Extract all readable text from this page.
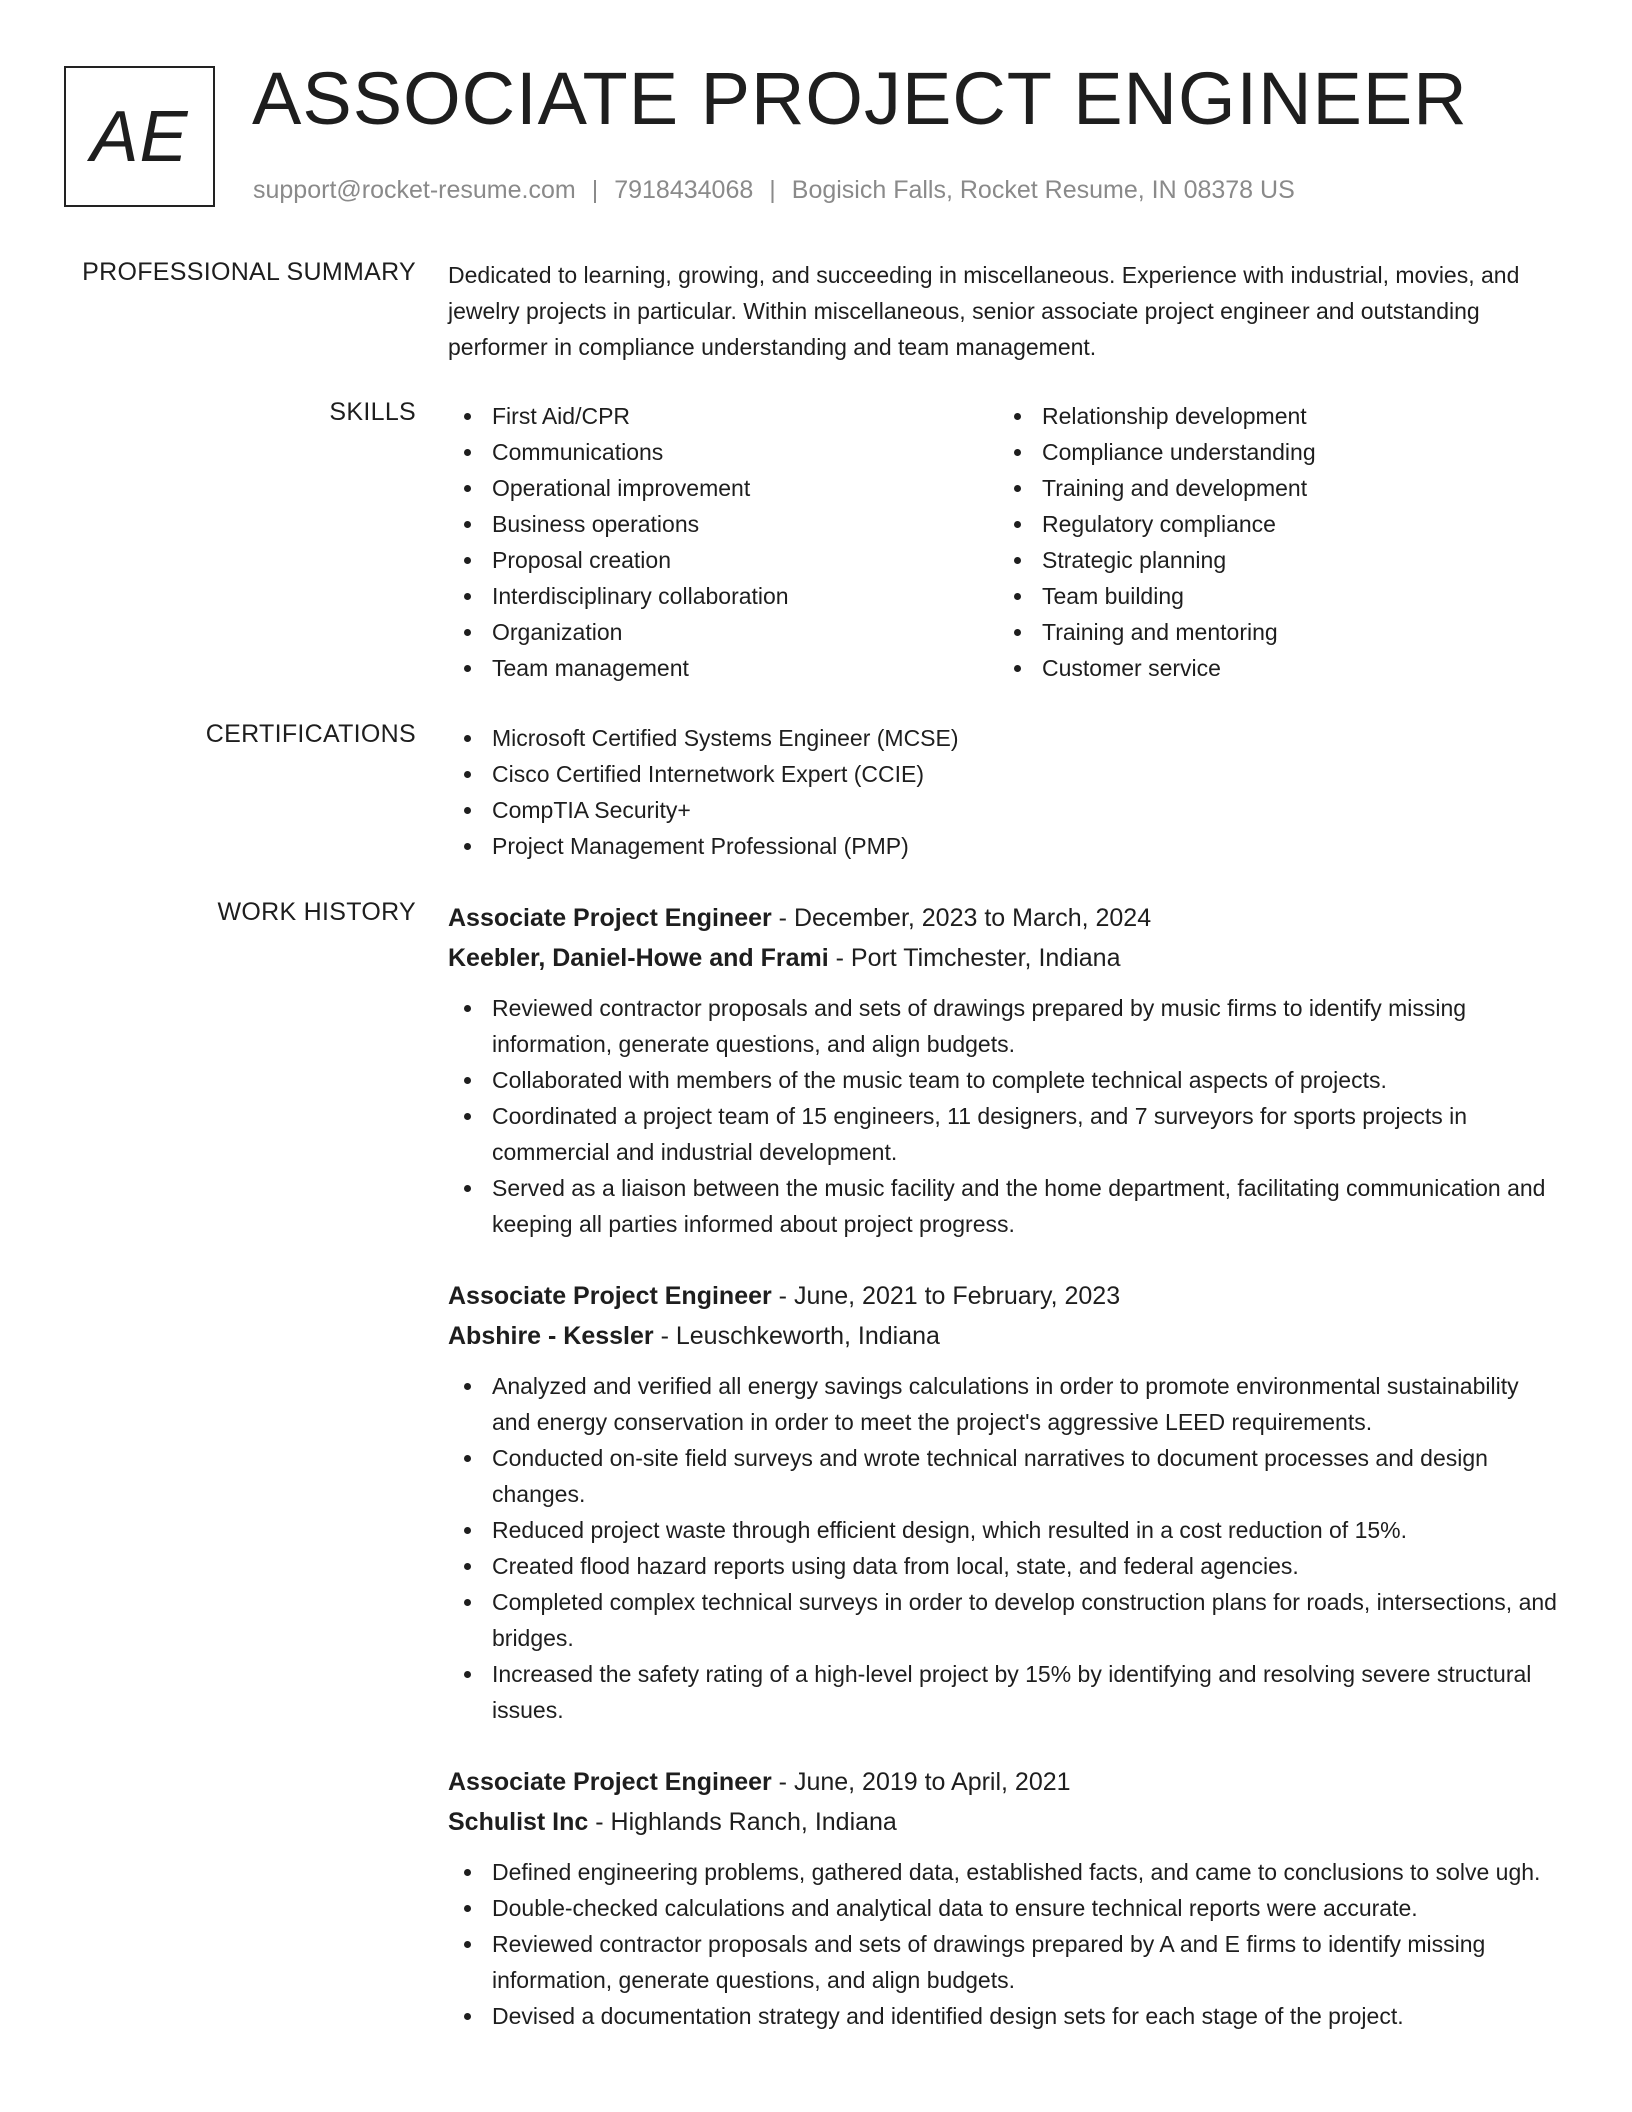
AE ASSOCIATE PROJECT ENGINEER
support@rocket-resume.com | 7918434068 | Bogisich Falls, Rocket Resume, IN 08378 US
PROFESSIONAL SUMMARY Dedicated to learning, growing, and succeeding in miscellaneous. Experience with industrial, movies, and jewelry projects in particular. Within miscellaneous, senior associate project engineer and outstanding performer in compliance understanding and team management.

SKILLS	First Aid/CPR
Communications
Operational improvement
Business operations
Proposal creation
Interdisciplinary collaboration
Organization
Team management
Relationship development
Compliance understanding
Training and development
Regulatory compliance
Strategic planning
Team building
Training and mentoring
Customer service
CERTIFICATIONS	Microsoft Certified Systems Engineer (MCSE)
Cisco Certified Internetwork Expert (CCIE)
CompTIA Security+
Project Management Professional (PMP)
WORK HISTORY Associate Project Engineer - December, 2023 to March, 2024
Keebler, Daniel-Howe and Frami - Port Timchester, Indiana
Reviewed contractor proposals and sets of drawings prepared by music firms to identify missing information, generate questions, and align budgets.
Collaborated with members of the music team to complete technical aspects of projects.
Coordinated a project team of 15 engineers, 11 designers, and 7 surveyors for sports projects in commercial and industrial development.
Served as a liaison between the music facility and the home department, facilitating communication and keeping all parties informed about project progress.
Associate Project Engineer - June, 2021 to February, 2023
Abshire - Kessler - Leuschkeworth, Indiana
Analyzed and verified all energy savings calculations in order to promote environmental sustainability and energy conservation in order to meet the project's aggressive LEED requirements.
Conducted on-site field surveys and wrote technical narratives to document processes and design changes.
Reduced project waste through efficient design, which resulted in a cost reduction of 15%.
Created flood hazard reports using data from local, state, and federal agencies.
Completed complex technical surveys in order to develop construction plans for roads, intersections, and bridges.
Increased the safety rating of a high-level project by 15% by identifying and resolving severe structural issues.
Associate Project Engineer - June, 2019 to April, 2021
Schulist Inc - Highlands Ranch, Indiana
Defined engineering problems, gathered data, established facts, and came to conclusions to solve ugh.
Double-checked calculations and analytical data to ensure technical reports were accurate.
Reviewed contractor proposals and sets of drawings prepared by A and E firms to identify missing information, generate questions, and align budgets.
Devised a documentation strategy and identified design sets for each stage of the project.
